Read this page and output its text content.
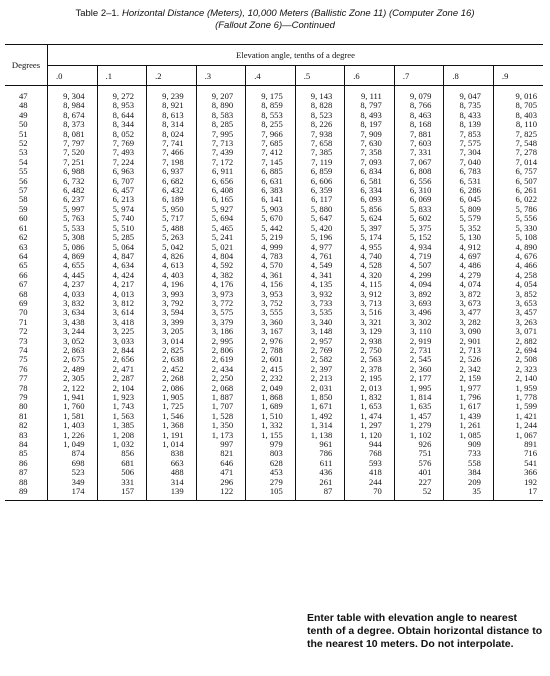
Table 2–1. Horizontal Distance (Meters), 10,000 Meters (Ballistic Zone 11) (Computer Zone 16)
(Fallout Zone 6)—Continued
Degrees	Elevation angle, tenths of a degree									
	.0	.1	.2	.3	.4	.5	.6	.7	.8	.9

47	9, 304	9, 272	9, 239	9, 207	9, 175	9, 143	9, 111	9, 079	9, 047	9, 016
48	8, 984	8, 953	8, 921	8, 890	8, 859	8, 828	8, 797	8, 766	8, 735	8, 705
49	8, 674	8, 644	8, 613	8, 583	8, 553	8, 523	8, 493	8, 463	8, 433	8, 403
50	8, 373	8, 344	8, 314	8, 285	8, 255	8, 226	8, 197	8, 168	8, 139	8, 110
51	8, 081	8, 052	8, 024	7, 995	7, 966	7, 938	7, 909	7, 881	7, 853	7, 825
52	7, 797	7, 769	7, 741	7, 713	7, 685	7, 658	7, 630	7, 603	7, 575	7, 548
53	7, 520	7, 493	7, 466	7, 439	7, 412	7, 385	7, 358	7, 331	7, 304	7, 278
54	7, 251	7, 224	7, 198	7, 172	7, 145	7, 119	7, 093	7, 067	7, 040	7, 014
55	6, 988	6, 963	6, 937	6, 911	6, 885	6, 859	6, 834	6, 808	6, 783	6, 757
56	6, 732	6, 707	6, 682	6, 656	6, 631	6, 606	6, 581	6, 556	6, 531	6, 507
57	6, 482	6, 457	6, 432	6, 408	6, 383	6, 359	6, 334	6, 310	6, 286	6, 261
58	6, 237	6, 213	6, 189	6, 165	6, 141	6, 117	6, 093	6, 069	6, 045	6, 022
59	5, 997	5, 974	5, 950	5, 927	5, 903	5, 880	5, 856	5, 833	5, 809	5, 786
60	5, 763	5, 740	5, 717	5, 694	5, 670	5, 647	5, 624	5, 602	5, 579	5, 556
61	5, 533	5, 510	5, 488	5, 465	5, 442	5, 420	5, 397	5, 375	5, 352	5, 330
62	5, 308	5, 285	5, 263	5, 241	5, 219	5, 196	5, 174	5, 152	5, 130	5, 108
63	5, 086	5, 064	5, 042	5, 021	4, 999	4, 977	4, 955	4, 934	4, 912	4, 890
64	4, 869	4, 847	4, 826	4, 804	4, 783	4, 761	4, 740	4, 719	4, 697	4, 676
65	4, 655	4, 634	4, 613	4, 592	4, 570	4, 549	4, 528	4, 507	4, 486	4, 466
66	4, 445	4, 424	4, 403	4, 382	4, 361	4, 341	4, 320	4, 299	4, 279	4, 258
67	4, 237	4, 217	4, 196	4, 176	4, 156	4, 135	4, 115	4, 094	4, 074	4, 054
68	4, 033	4, 013	3, 993	3, 973	3, 953	3, 932	3, 912	3, 892	3, 872	3, 852
69	3, 832	3, 812	3, 792	3, 772	3, 752	3, 733	3, 713	3, 693	3, 673	3, 653
70	3, 634	3, 614	3, 594	3, 575	3, 555	3, 535	3, 516	3, 496	3, 477	3, 457
71	3, 438	3, 418	3, 399	3, 379	3, 360	3, 340	3, 321	3, 302	3, 282	3, 263
72	3, 244	3, 225	3, 205	3, 186	3, 167	3, 148	3, 129	3, 110	3, 090	3, 071
73	3, 052	3, 033	3, 014	2, 995	2, 976	2, 957	2, 938	2, 919	2, 901	2, 882
74	2, 863	2, 844	2, 825	2, 806	2, 788	2, 769	2, 750	2, 731	2, 713	2, 694
75	2, 675	2, 656	2, 638	2, 619	2, 601	2, 582	2, 563	2, 545	2, 526	2, 508
76	2, 489	2, 471	2, 452	2, 434	2, 415	2, 397	2, 378	2, 360	2, 342	2, 323
77	2, 305	2, 287	2, 268	2, 250	2, 232	2, 213	2, 195	2, 177	2, 159	2, 140
78	2, 122	2, 104	2, 086	2, 068	2, 049	2, 031	2, 013	1, 995	1, 977	1, 959
79	1, 941	1, 923	1, 905	1, 887	1, 868	1, 850	1, 832	1, 814	1, 796	1, 778
80	1, 760	1, 743	1, 725	1, 707	1, 689	1, 671	1, 653	1, 635	1, 617	1, 599
81	1, 581	1, 563	1, 546	1, 528	1, 510	1, 492	1, 474	1, 457	1, 439	1, 421
82	1, 403	1, 385	1, 368	1, 350	1, 332	1, 314	1, 297	1, 279	1, 261	1, 244
83	1, 226	1, 208	1, 191	1, 173	1, 155	1, 138	1, 120	1, 102	1, 085	1, 067
84	1, 049	1, 032	1, 014	997	979	961	944	926	909	891
85	874	856	838	821	803	786	768	751	733	716
86	698	681	663	646	628	611	593	576	558	541
87	523	506	488	471	453	436	418	401	384	366
88	349	331	314	296	279	261	244	227	209	192
89	174	157	139	122	105	87	70	52	35	17

Enter table with elevation angle to nearest tenth of a degree. Obtain horizontal distance to the nearest 10 meters. Do not interpolate.
